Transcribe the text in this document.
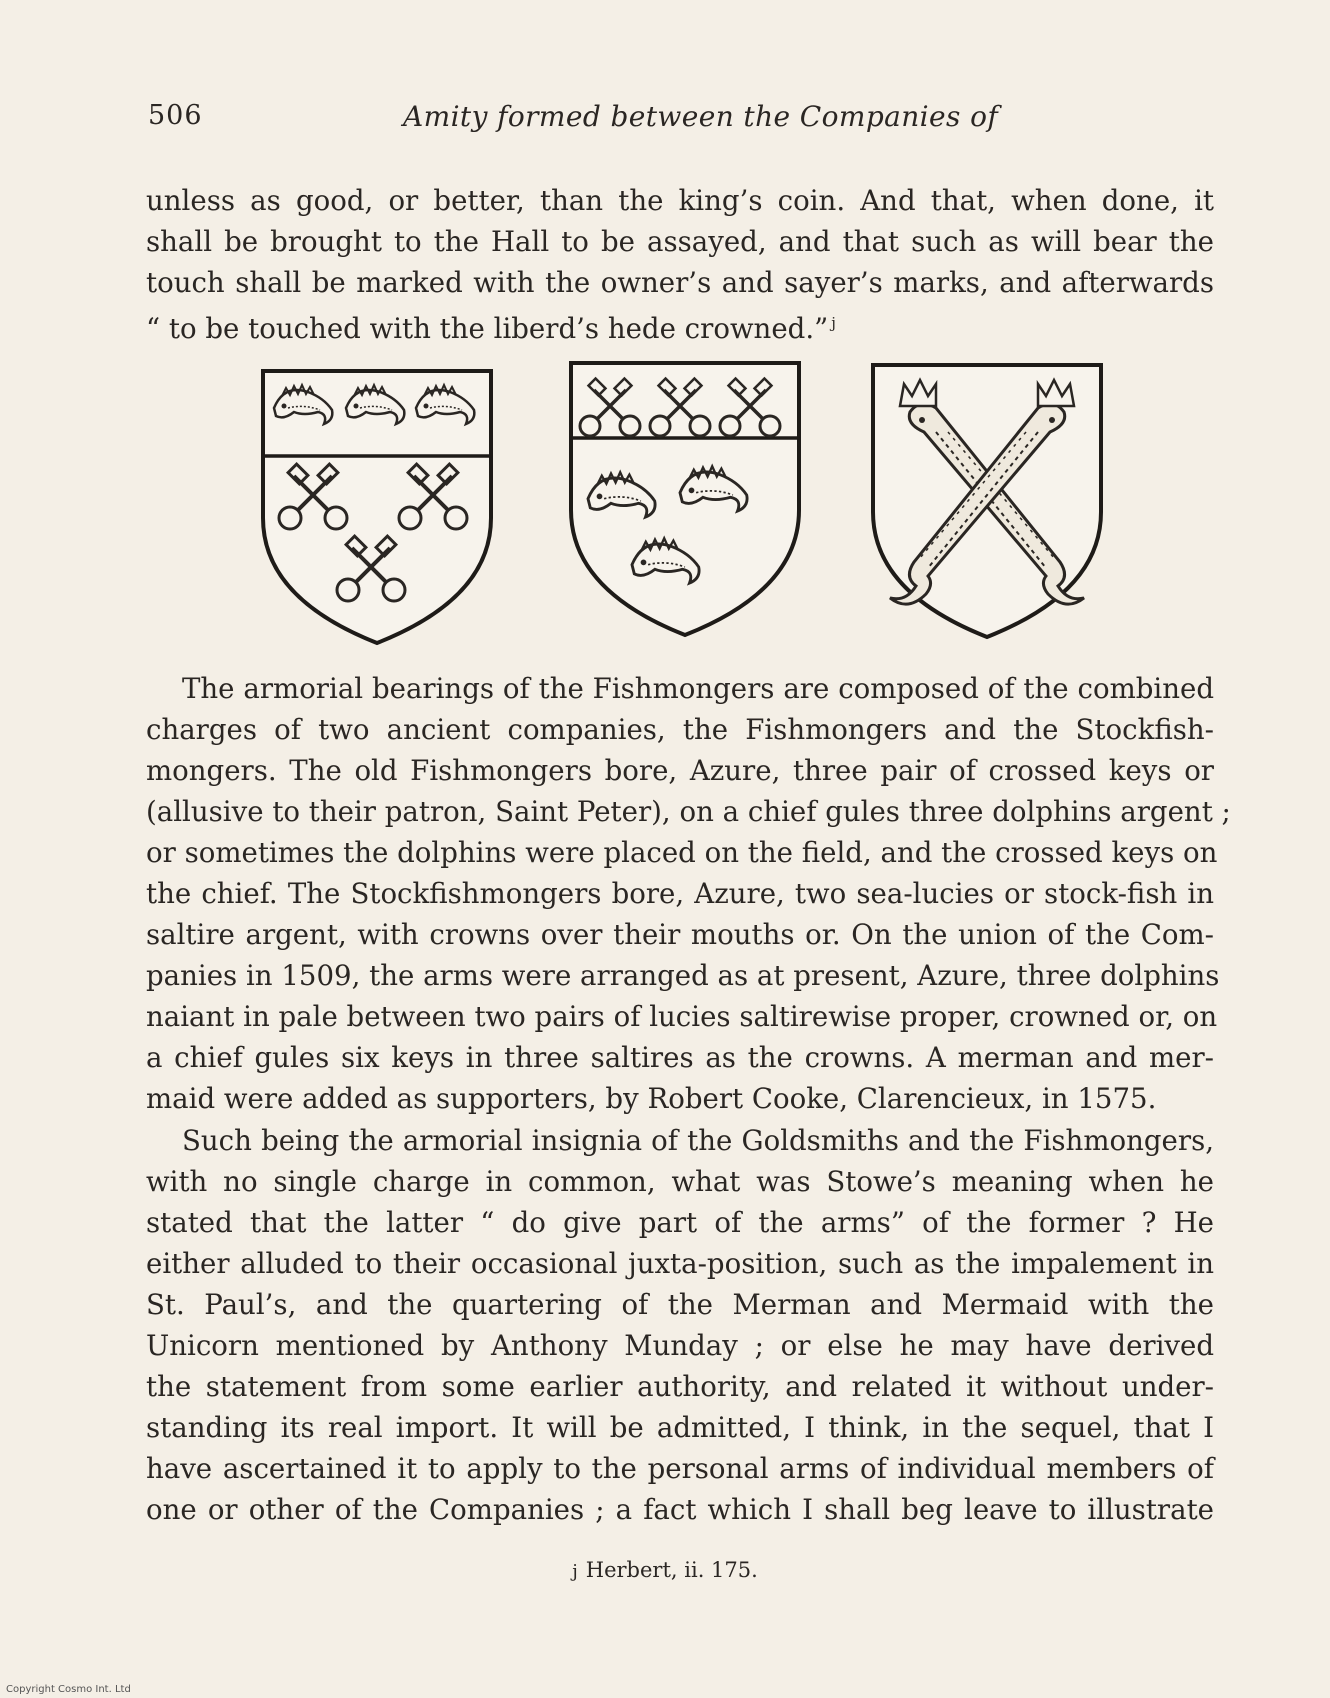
506	Amity formed between the Companies of
unless as good, or better, than the king’s coin. And that, when done, it
shall be brought to the Hall to be assayed, and that such as will bear the
touch shall be marked with the owner’s and sayer’s marks, and afterwards
“ to be touched with the liberd’s hede crowned.” $^j$
The armorial bearings of the Fishmongers are composed of the combined
charges of two ancient companies, the Fishmongers and the Stockfish-
mongers. The old Fishmongers bore, Azure, three pair of crossed keys or
(allusive to their patron, Saint Peter), on a chief gules three dolphins argent ;
or sometimes the dolphins were placed on the field, and the crossed keys on
the chief. The Stockfishmongers bore, Azure, two sea-lucies or stock-fish in
saltire argent, with crowns over their mouths or. On the union of the Com-
panies in 1509, the arms were arranged as at present, Azure, three dolphins
naiant in pale between two pairs of lucies saltirewise proper, crowned or, on
a chief gules six keys in three saltires as the crowns. A merman and mer-
maid were added as supporters, by Robert Cooke, Clarencieux, in 1575.
Such being the armorial insignia of the Goldsmiths and the Fishmongers,
with no single charge in common, what was Stowe’s meaning when he
stated that the latter “ do give part of the arms” of the former ? He
either alluded to their occasional juxta-position, such as the impalement in
St. Paul’s, and the quartering of the Merman and Mermaid with the
Unicorn mentioned by Anthony Munday ; or else he may have derived
the statement from some earlier authority, and related it without under-
standing its real import. It will be admitted, I think, in the sequel, that I
have ascertained it to apply to the personal arms of individual members of
one or other of the Companies ; a fact which I shall beg leave to illustrate
j Herbert, ii. 175.
Copyright Cosmo Int. Ltd
